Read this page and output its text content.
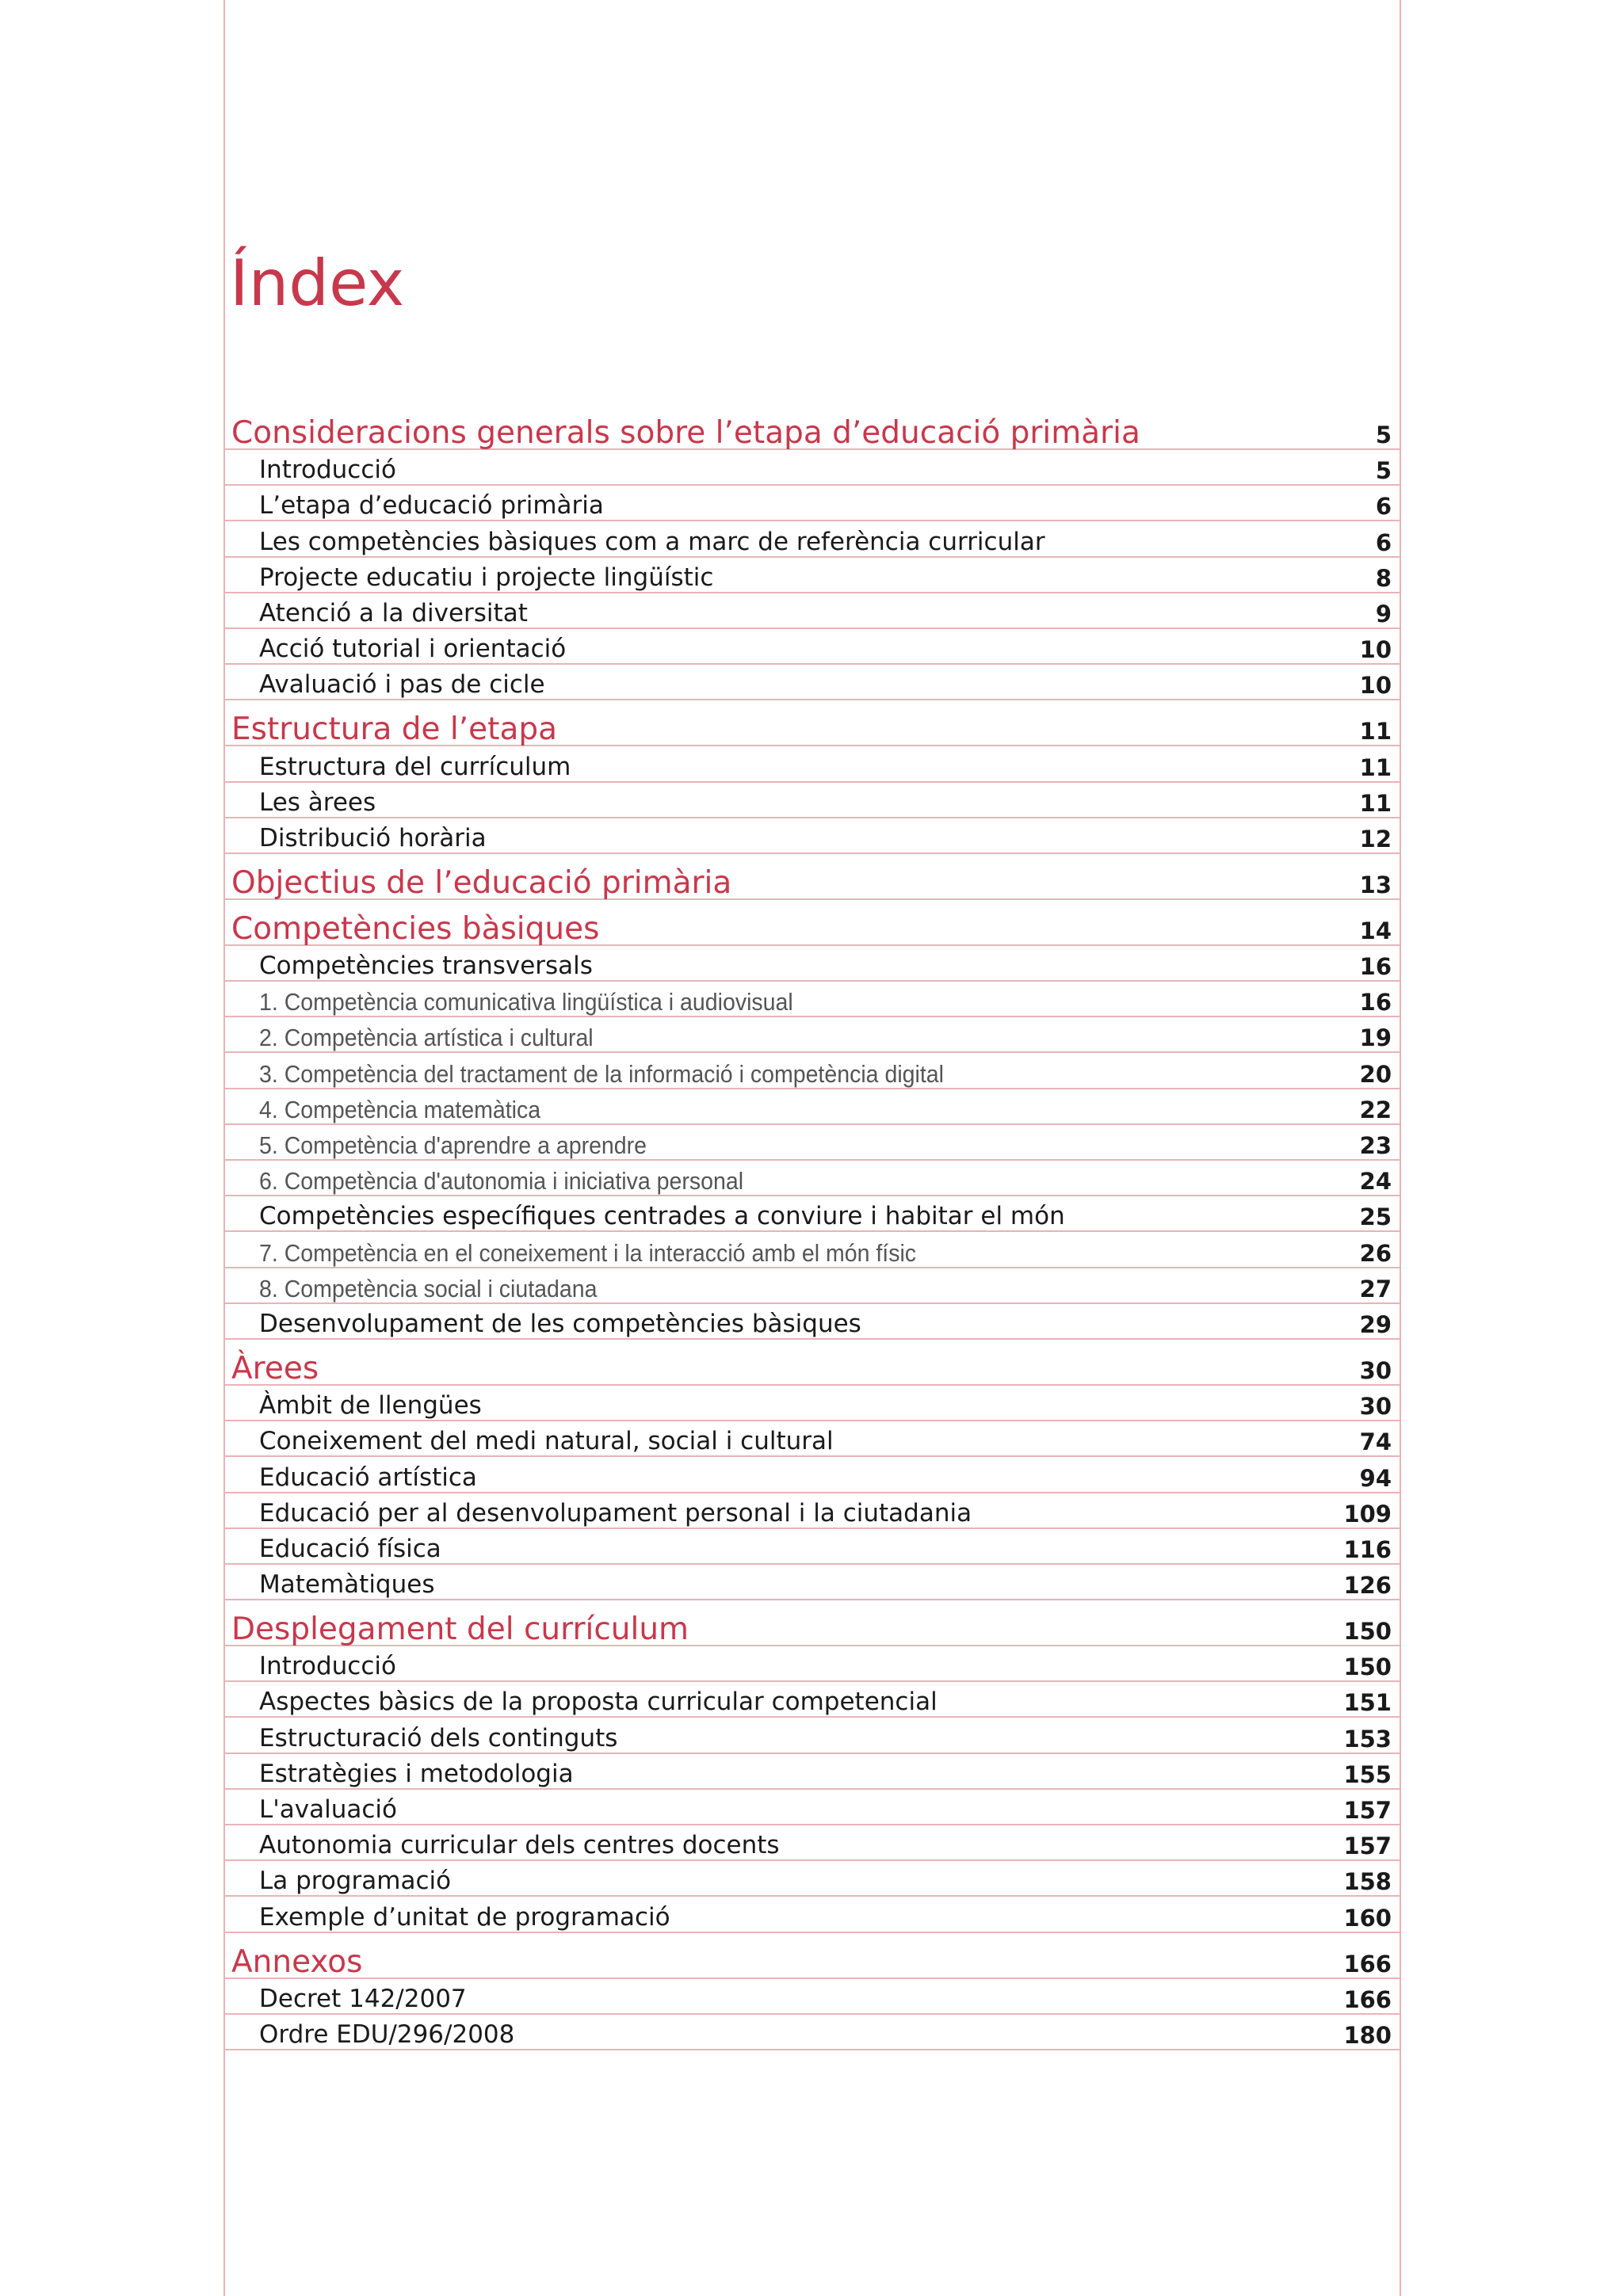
Índex
Consideracions generals sobre l’etapa d’educació primària	5
Introducció	5
L’etapa d’educació primària	6
Les competències bàsiques com a marc de referència curricular	6
Projecte educatiu i projecte lingüístic	8
Atenció a la diversitat	9
Acció tutorial i orientació	10
Avaluació i pas de cicle	10
Estructura de l’etapa	11
Estructura del currículum	11
Les àrees	11
Distribució horària	12
Objectius de l’educació primària	13
Competències bàsiques	14
Competències transversals	16
1. Competència comunicativa lingüística i audiovisual	16
2. Competència artística i cultural	19
3. Competència del tractament de la informació i competència digital	20
4. Competència matemàtica	22
5. Competència d'aprendre a aprendre	23
6. Competència d'autonomia i iniciativa personal	24
Competències específiques centrades a conviure i habitar el món	25
7. Competència en el coneixement i la interacció amb el món físic	26
8. Competència social i ciutadana	27
Desenvolupament de les competències bàsiques	29
Àrees	30
Àmbit de llengües	30
Coneixement del medi natural, social i cultural	74
Educació artística	94
Educació per al desenvolupament personal i la ciutadania	109
Educació física	116
Matemàtiques	126
Desplegament del currículum	150
Introducció	150
Aspectes bàsics de la proposta curricular competencial	151
Estructuració dels continguts	153
Estratègies i metodologia	155
L'avaluació	157
Autonomia curricular dels centres docents	157
La programació	158
Exemple d’unitat de programació	160
Annexos	166
Decret 142/2007	166
Ordre EDU/296/2008	180
